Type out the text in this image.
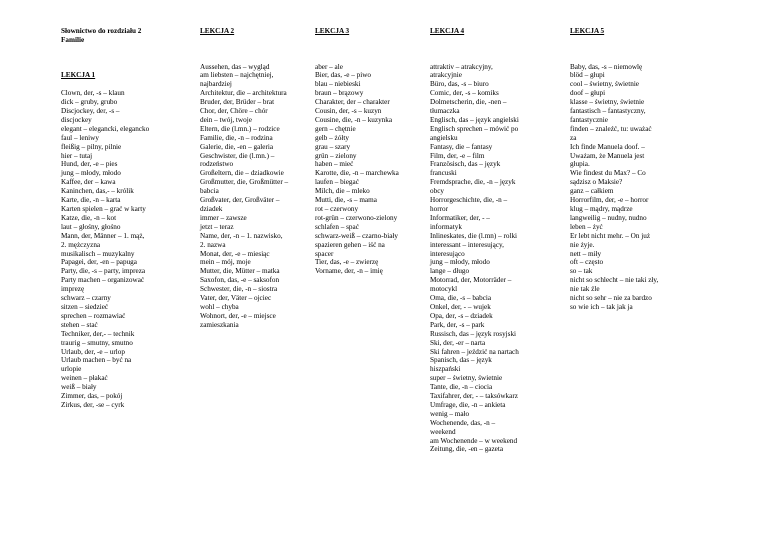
Słownictwo do rozdziału 2
Familie

LEKCJA 1

Clown, der, -s – klaun
dick – gruby, grubo
Discjockey, der, -s –
discjockey
elegant – elegancki, elegancko
faul – leniwy
fleißig – pilny, pilnie
hier – tutaj
Hund, der, -e – pies
jung – młody, młodo
Kaffee, der – kawa
Kaninchen, das,- – królik
Karte, die, -n – karta
Karten spielen – grać w karty
Katze, die, -n – kot
laut – głośny, głośno
Mann, der, Männer – 1. mąż,
2. mężczyzna
musikalisch – muzykalny
Papagei, der, -en – papuga
Party, die, -s – party, impreza
Party machen – organizować
imprezę
schwarz – czarny
sitzen – siedzieć
sprechen – rozmawiać
stehen – stać
Techniker, der,- – technik
traurig – smutny, smutno
Urlaub, der, -e – urlop
Urlaub machen – być na
urlopie
weinen – płakać
weiß – biały
Zimmer, das, – pokój
Zirkus, der, -se – cyrk

LEKCJA 2

Aussehen, das – wygląd
am liebsten – najchętniej,
najbardziej
Architektur, die – architektura
Bruder, der, Brüder – brat
Chor, der, Chöre – chór
dein – twój, twoje
Eltern, die (l.mn.) – rodzice
Familie, die, -n – rodzina
Galerie, die, -en – galeria
Geschwister, die (l.mn.) –
rodzeństwo
Großeltern, die – dziadkowie
Großmutter, die, Großmütter –
babcia
Großvater, der, Großväter –
dziadek
immer – zawsze
jetzt – teraz
Name, der, -n – 1. nazwisko,
2. nazwa
Monat, der, -e – miesiąc
mein – mój, moje
Mutter, die, Mütter – matka
Saxofon, das, -e – saksofon
Schwester, die, -n – siostra
Vater, der, Väter – ojciec
wohl – chyba
Wohnort, der, -e – miejsce
zamieszkania

LEKCJA 3

aber – ale
Bier, das, -e – piwo
blau – niebieski
braun – brązowy
Charakter, der – charakter
Cousin, der, -s – kuzyn
Cousine, die, -n – kuzynka
gern – chętnie
gelb – żółty
grau – szary
grün – zielony
haben – mieć
Karotte, die, -n – marchewka
laufen – biegać
Milch, die – mleko
Mutti, die, -s – mama
rot – czerwony
rot-grün – czerwono-zielony
schlafen – spać
schwarz-weiß – czarno-biały
spazieren gehen – iść na
spacer
Tier, das, -e – zwierzę
Vorname, der, -n – imię

LEKCJA 4

attraktiv – atrakcyjny,
atrakcyjnie
Büro, das, -s – biuro
Comic, der, -s – komiks
Dolmetscherin, die, -nen –
tłumaczka
Englisch, das – język angielski
Englisch sprechen – mówić po
angielsku
Fantasy, die – fantasy
Film, der, -e – film
Französisch, das – język
francuski
Fremdsprache, die, -n – język
obcy
Horrorgeschichte, die, -n –
horror
Informatiker, der, - –
informatyk
Inlineskates, die (l.mn) – rolki
interessant – interesujący,
interesująco
jung – młody, młodo
lange – długo
Motorrad, der, Motorräder –
motocykl
Oma, die, -s – babcia
Onkel, der, - – wujek
Opa, der, -s – dziadek
Park, der, -s – park
Russisch, das – język rosyjski
Ski, der, -er – narta
Ski fahren – jeździć na nartach
Spanisch, das – język
hiszpański
super – świetny, świetnie
Tante, die, -n – ciocia
Taxifahrer, der, - – taksówkarz
Umfrage, die, -n – ankieta
wenig – mało
Wochenende, das, -n –
weekend
am Wochenende – w weekend
Zeitung, die, -en – gazeta

LEKCJA 5

Baby, das, -s – niemowlę
blöd – głupi
cool – świetny, świetnie
doof – głupi
klasse – świetny, świetnie
fantastisch – fantastyczny,
fantastycznie
finden – znaleźć, tu: uważać
za
Ich finde Manuela doof. –
Uważam, że Manuela jest
głupia.
Wie findest du Max? – Co
sądzisz o Maksie?
ganz – całkiem
Horrorfilm, der, -e – horror
klug – mądry, mądrze
langweilig – nudny, nudno
leben – żyć
Er lebt nicht mehr. – On już
nie żyje.
nett – miły
oft – często
so – tak
nicht so schlecht – nie taki zły,
nie tak źle
nicht so sehr – nie za bardzo
so wie ich – tak jak ja
